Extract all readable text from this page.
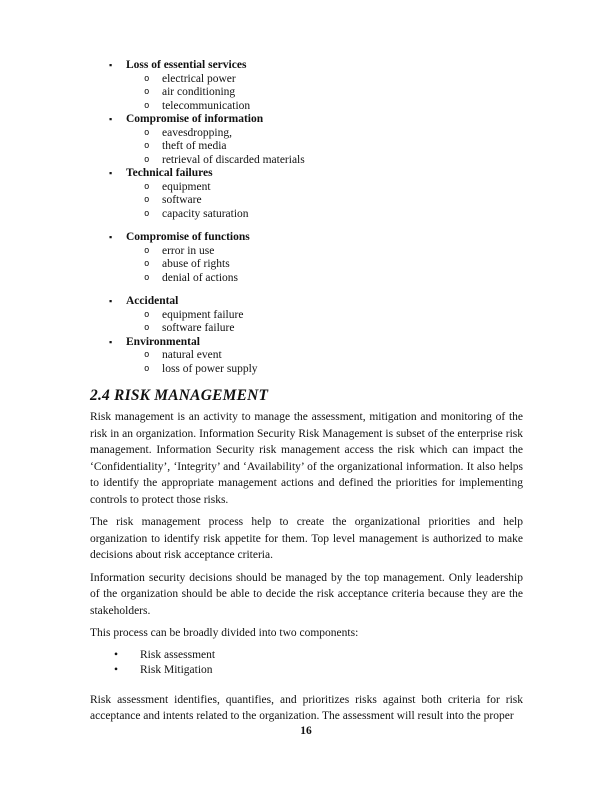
▪ Loss of essential services
o electrical power
o air conditioning
o telecommunication
▪ Compromise of information
o eavesdropping,
o theft of media
o retrieval of discarded materials
▪ Technical failures
o equipment
o software
o capacity saturation
▪ Compromise of functions
o error in use
o abuse of rights
o denial of actions
▪ Accidental
o equipment failure
o software failure
▪ Environmental
o natural event
o loss of power supply
2.4 RISK MANAGEMENT

Risk management is an activity to manage the assessment, mitigation and monitoring of the risk in an organization. Information Security Risk Management is subset of the enterprise risk management. Information Security risk management access the risk which can impact the ‘Confidentiality’, ‘Integrity’ and ‘Availability’ of the organizational information. It also helps to identify the appropriate management actions and defined the priorities for implementing controls to protect those risks.

The risk management process help to create the organizational priorities and help organization to identify risk appetite for them. Top level management is authorized to make decisions about risk acceptance criteria.

Information security decisions should be managed by the top management. Only leadership of the organization should be able to decide the risk acceptance criteria because they are the stakeholders.

This process can be broadly divided into two components:

• Risk assessment
• Risk Mitigation

Risk assessment identifies, quantifies, and prioritizes risks against both criteria for risk acceptance and intents related to the organization. The assessment will result into the proper

16
